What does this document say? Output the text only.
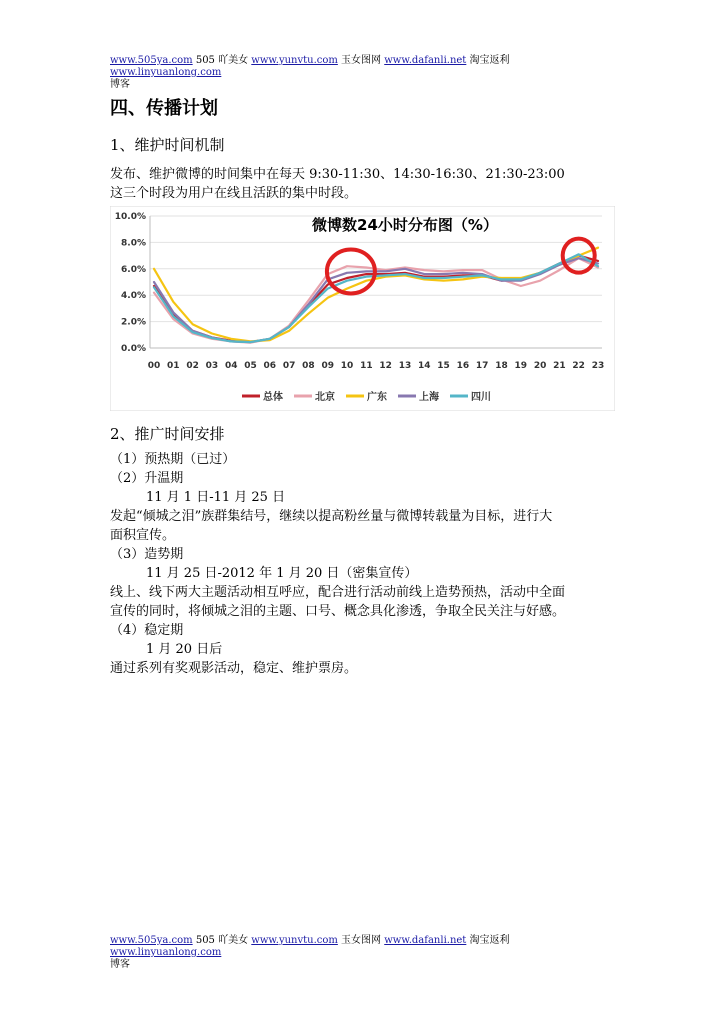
www.505ya.com 505 吖美女 www.yunvtu.com 玉女图网 www.dafanli.net 淘宝返利 www.linyuanlong.com
博客
四、传播计划
1、维护时间机制
发布、维护微博的时间集中在每天 9:30-11:30、14:30-16:30、21:30-23:00
这三个时段为用户在线且活跃的集中时段。
微博数24小时分布图（%）
0.0%
2.0%
4.0%
6.0%
8.0%
10.0%
00 01 02 03 04 05 06 07 08 09 10 11 12 13 14 15 16 17 18 19 20 21 22 23
总体	北京	广东	上海	四川
2、推广时间安排
（1）预热期（已过）
（2）升温期
11 月 1 日-11 月 25 日
发起“倾城之泪”族群集结号，继续以提高粉丝量与微博转载量为目标，进行大
面积宣传。
（3）造势期
11 月 25 日-2012 年 1 月 20 日（密集宣传）
线上、线下两大主题活动相互呼应，配合进行活动前线上造势预热，活动中全面
宣传的同时，将倾城之泪的主题、口号、概念具化渗透，争取全民关注与好感。
（4）稳定期
1 月 20 日后
通过系列有奖观影活动，稳定、维护票房。
www.505ya.com 505 吖美女 www.yunvtu.com 玉女图网 www.dafanli.net 淘宝返利 www.linyuanlong.com
博客
